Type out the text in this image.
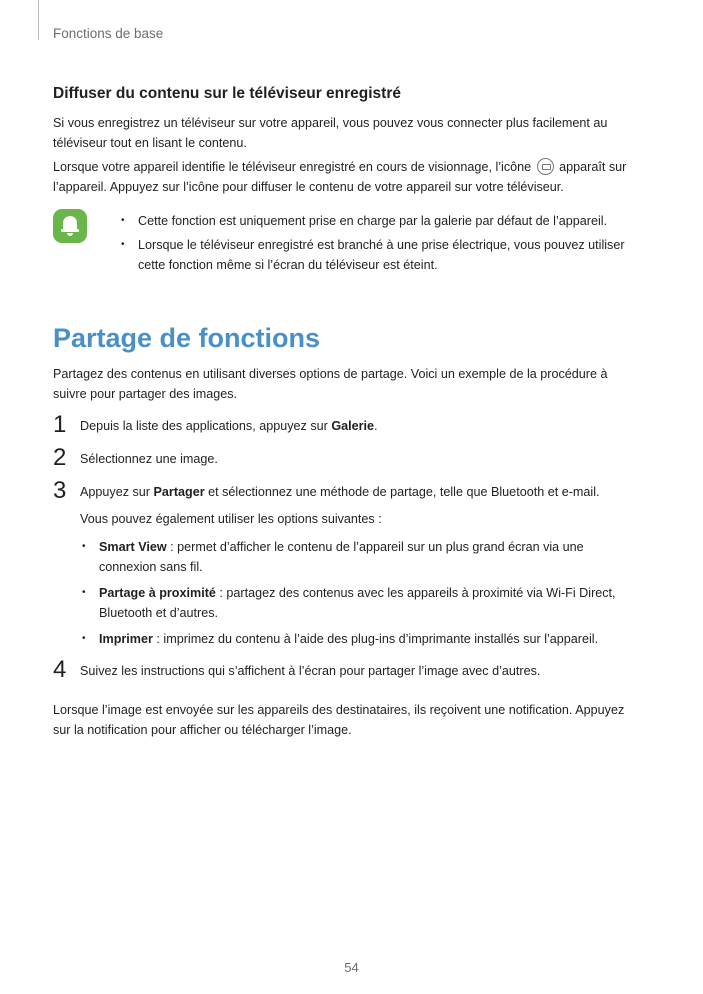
Fonctions de base
Diffuser du contenu sur le téléviseur enregistré

Si vous enregistrez un téléviseur sur votre appareil, vous pouvez vous connecter plus facilement au téléviseur tout en lisant le contenu.

Lorsque votre appareil identifie le téléviseur enregistré en cours de visionnage, l’icône apparaît sur l’appareil. Appuyez sur l’icône pour diffuser le contenu de votre appareil sur votre téléviseur.

• Cette fonction est uniquement prise en charge par la galerie par défaut de l’appareil.
• Lorsque le téléviseur enregistré est branché à une prise électrique, vous pouvez utiliser cette fonction même si l’écran du téléviseur est éteint.
Partage de fonctions

Partagez des contenus en utilisant diverses options de partage. Voici un exemple de la procédure à suivre pour partager des images.

1	Depuis la liste des applications, appuyez sur Galerie.
2	Sélectionnez une image.
3	Appuyez sur Partager et sélectionnez une méthode de partage, telle que Bluetooth et e-mail.

Vous pouvez également utiliser les options suivantes :

• Smart View : permet d’afficher le contenu de l’appareil sur un plus grand écran via une connexion sans fil.
• Partage à proximité : partagez des contenus avec les appareils à proximité via Wi-Fi Direct, Bluetooth et d’autres.
• Imprimer : imprimez du contenu à l’aide des plug-ins d’imprimante installés sur l’appareil.
4	Suivez les instructions qui s’affichent à l’écran pour partager l’image avec d’autres.

Lorsque l’image est envoyée sur les appareils des destinataires, ils reçoivent une notification. Appuyez sur la notification pour afficher ou télécharger l’image.

54
